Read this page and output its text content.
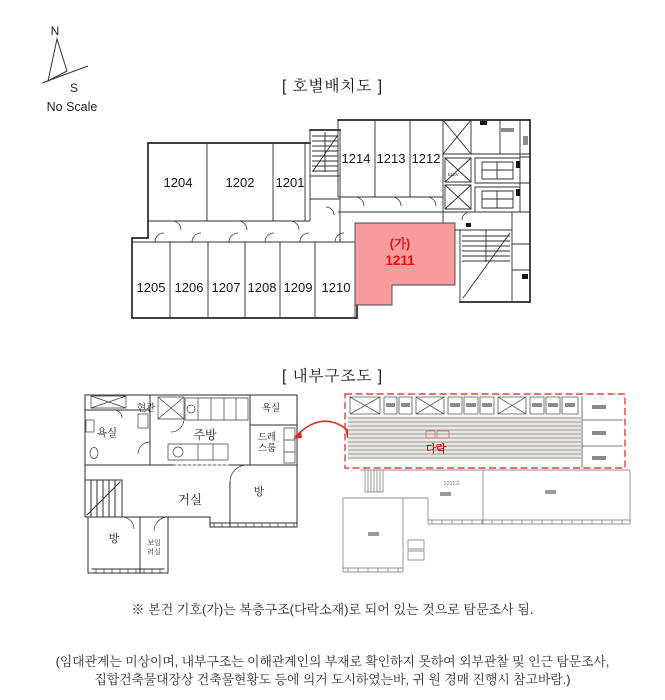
N
S
No Scale
[ 호별배치도 ]
(가)
1211
1204	1202 1201
1214 1213 1212
1205 1206 1207 1208 1209 1210
ELEV
[ 내부구조도 ]
현관
욕실	주방
욕실
드레
스룸
거실
방
방	보일
러실
다락
1211호
※ 본건 기호(가)는 복층구조(다락소재)로 되어 있는 것으로 탐문조사 됨.
(임대관계는 미상이며, 내부구조는 이해관계인의 부재로 확인하지 못하여 외부관찰 및 인근 탐문조사,
집합건축물대장상 건축물현황도 등에 의거 도시하였는바, 귀 원 경매 진행시 참고바람.)
